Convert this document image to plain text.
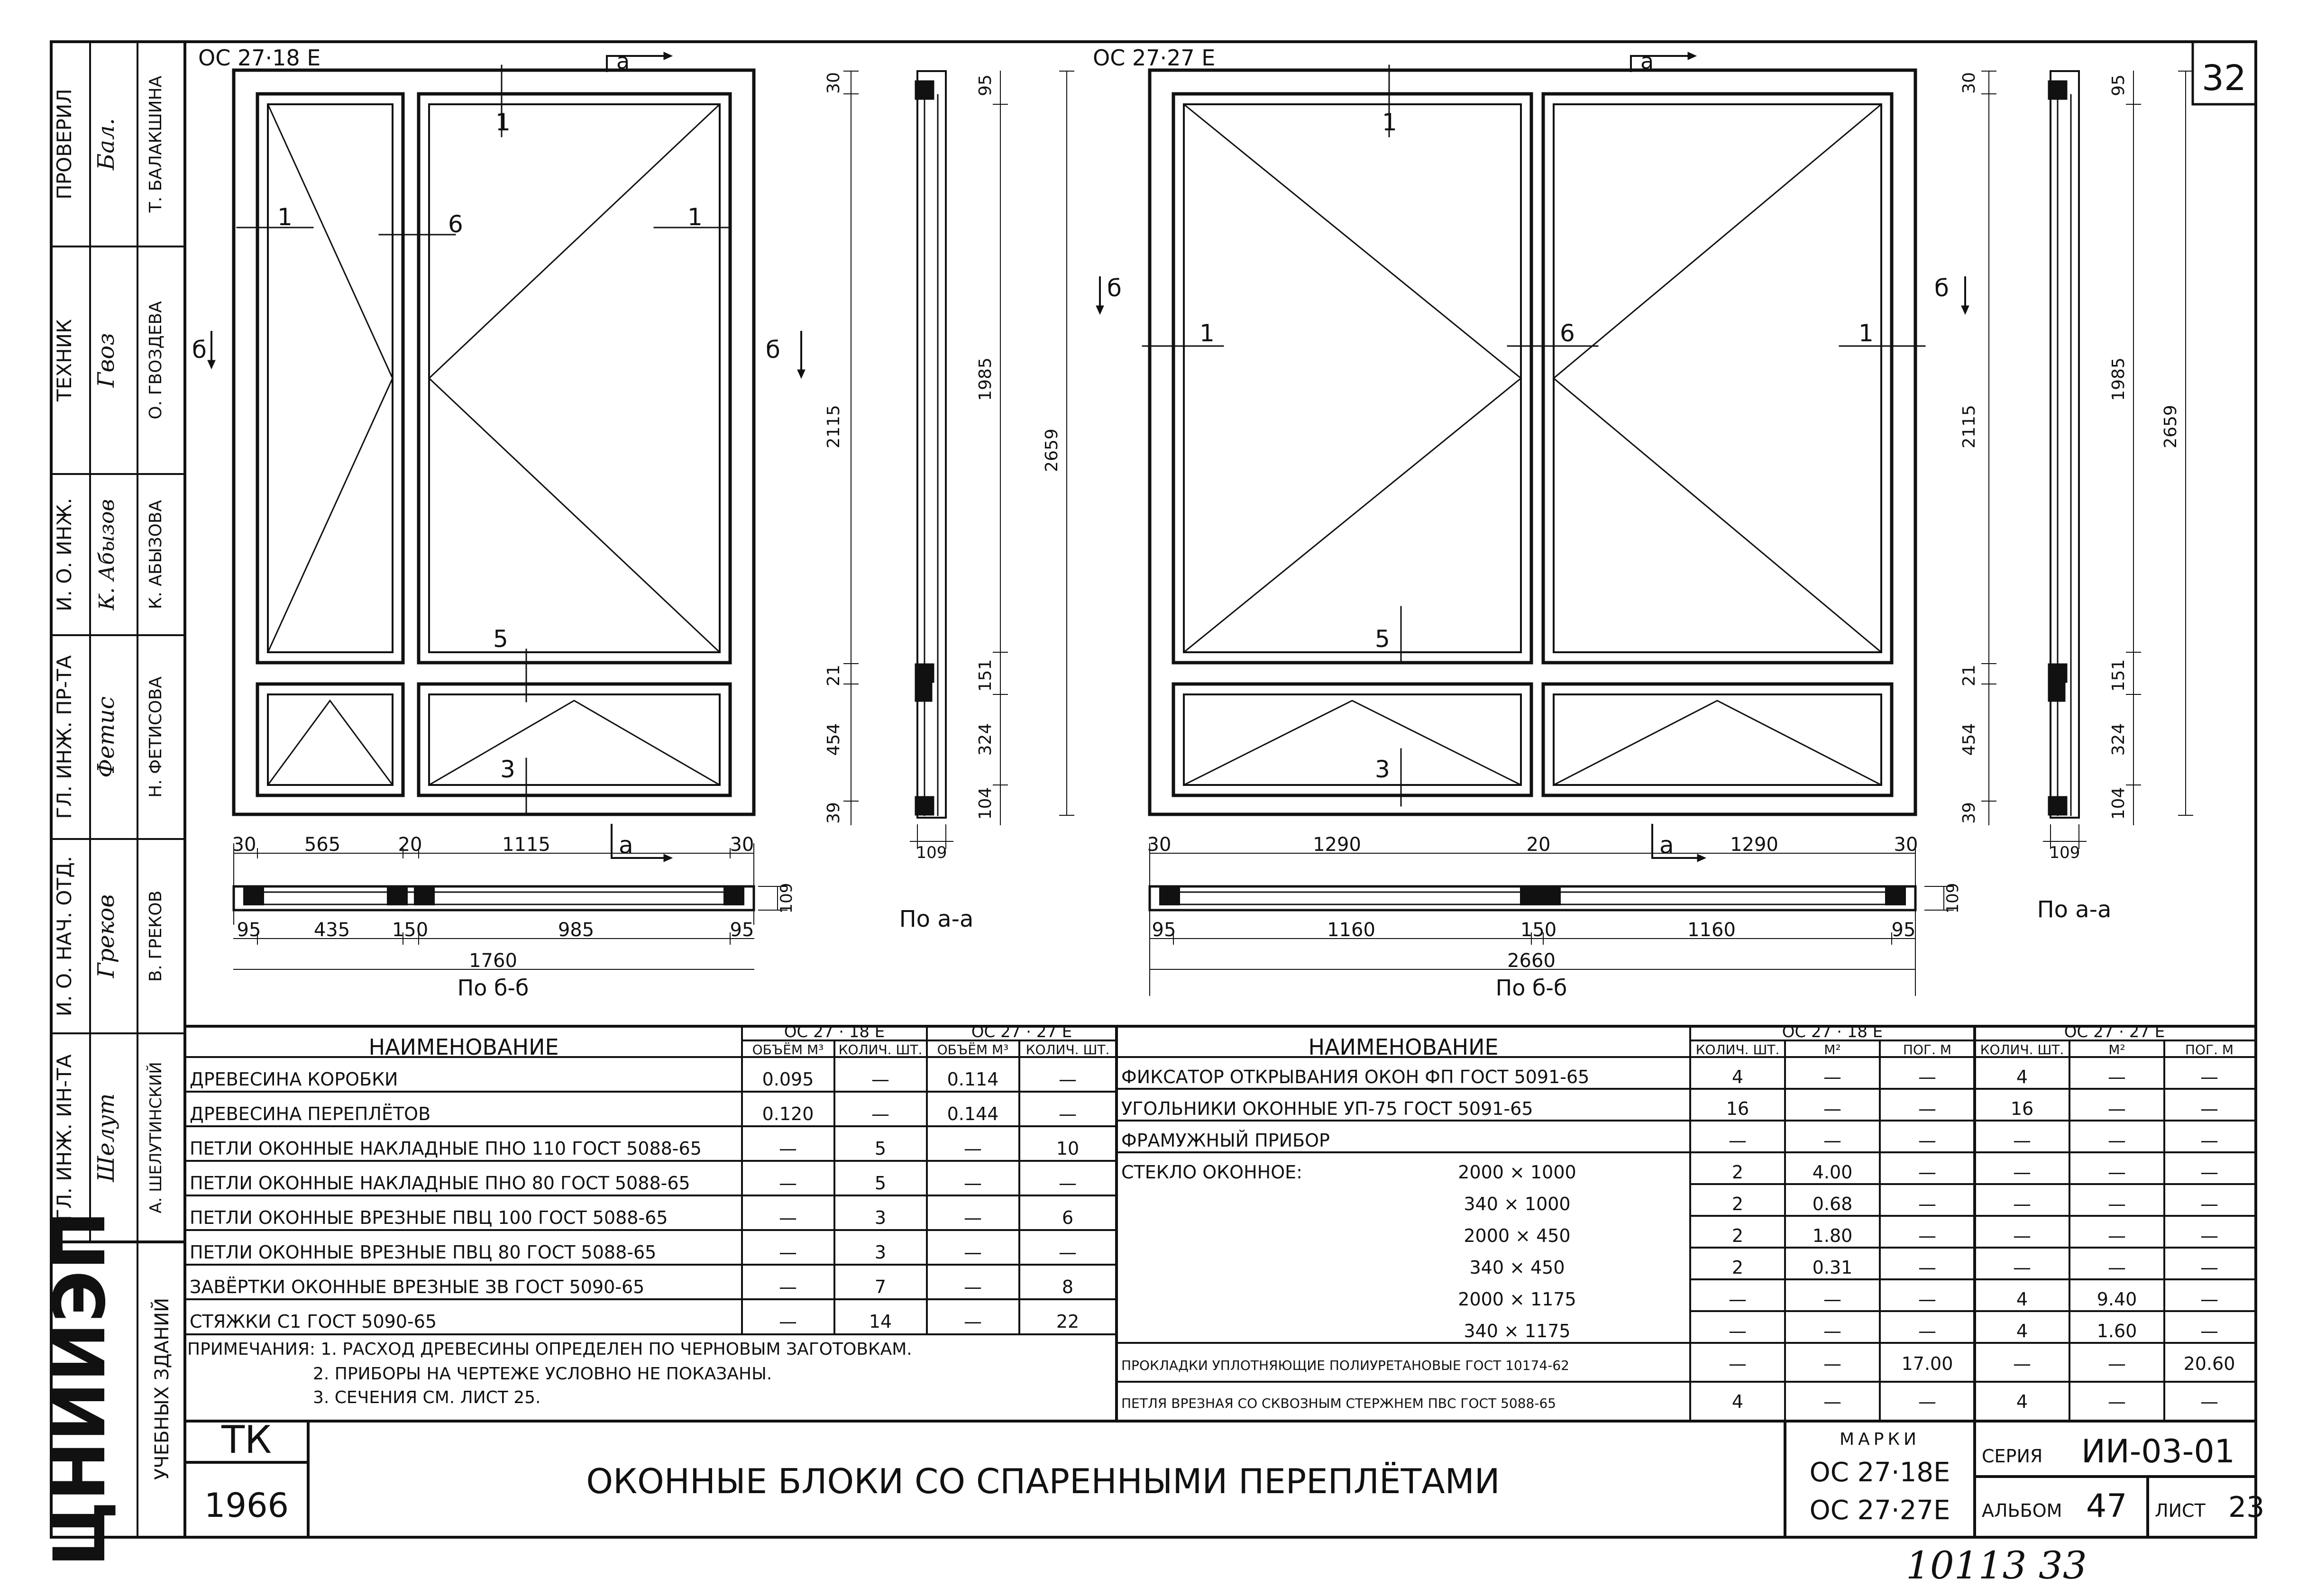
32
ОС 27·18 Е	а
б	б
а
1
1	6	1
5
3
30	565	20	1115	30
95	435 150	985	95
1760
По б-б
109
30
2115
21
454
39
95
1985
151
324
104
2659
109
По а-а
ОС 27·27 Е	а
б	б
а
1
1	6	1
5
3
30	1290	20	1290	30
95	1160	150	1160	95
2660
По б-б
109
30
2115
21
454
39
95
1985
151
324
104
2659
109
По а-а
ПРОВЕРИЛ Бал. Т. БАЛАКШИНА
ТЕХНИК Гвоз О. ГВОЗДЕВА
И. О. ИНЖ. К. Абызов К. АБЫЗОВА
ГЛ. ИНЖ. ПР-ТА Фетис Н. ФЕТИСОВА
И. О. НАЧ. ОТД. Греков В. ГРЕКОВ
ГЛ. ИНЖ. ИН-ТА Шелут А. ШЕЛУТИНСКИЙ
ЦНИИЭП УЧЕБНЫХ ЗДАНИЙ
НАИМЕНОВАНИЕ
ОС 27 · 18 Е	ОС 27 · 27 Е
ОБЪЁМ М³ КОЛИЧ. ШТ. ОБЪЁМ М³ КОЛИЧ. ШТ.
ДРЕВЕСИНА КОРОБКИ	0.095	—	0.114	—
ДРЕВЕСИНА ПЕРЕПЛЁТОВ	0.120	—	0.144	—
ПЕТЛИ ОКОННЫЕ НАКЛАДНЫЕ ПНО 110 ГОСТ 5088-65	—	5	—	10
ПЕТЛИ ОКОННЫЕ НАКЛАДНЫЕ ПНО 80 ГОСТ 5088-65	—	5	—	—
ПЕТЛИ ОКОННЫЕ ВРЕЗНЫЕ ПВЦ 100 ГОСТ 5088-65	—	3	—	6
ПЕТЛИ ОКОННЫЕ ВРЕЗНЫЕ ПВЦ 80 ГОСТ 5088-65	—	3	—	—
ЗАВЁРТКИ ОКОННЫЕ ВРЕЗНЫЕ ЗВ ГОСТ 5090-65	—	7	—	8
СТЯЖКИ С1 ГОСТ 5090-65	—	14	—	22
ПРИМЕЧАНИЯ: 1. РАСХОД ДРЕВЕСИНЫ ОПРЕДЕЛЕН ПО ЧЕРНОВЫМ ЗАГОТОВКАМ.
2. ПРИБОРЫ НА ЧЕРТЕЖЕ УСЛОВНО НЕ ПОКАЗАНЫ.
3. СЕЧЕНИЯ СМ. ЛИСТ 25.
НАИМЕНОВАНИЕ
ОС 27 · 18 Е	ОС 27 · 27 Е
КОЛИЧ. ШТ.	М²	ПОГ. М КОЛИЧ. ШТ.	М²	ПОГ. М
ФИКСАТОР ОТКРЫВАНИЯ ОКОН ФП ГОСТ 5091-65	4	—	—	4	—	—
УГОЛЬНИКИ ОКОННЫЕ УП-75 ГОСТ 5091-65	16	—	—	16	—	—
ФРАМУЖНЫЙ ПРИБОР	—	—	—	—	—	—
СТЕКЛО ОКОННОЕ:	2000 × 1000	2	4.00	—	—	—	—
340 × 1000	2	0.68	—	—	—	—
2000 × 450	2	1.80	—	—	—	—
340 × 450	2	0.31	—	—	—	—
2000 × 1175	—	—	—	4	9.40	—
340 × 1175	—	—	—	4	1.60	—
ПРОКЛАДКИ УПЛОТНЯЮЩИЕ ПОЛИУРЕТАНОВЫЕ ГОСТ 10174-62	—	—	17.00	—	—	20.60
ПЕТЛЯ ВРЕЗНАЯ СО СКВОЗНЫМ СТЕРЖНЕМ ПВС ГОСТ 5088-65	4	—	—	4	—	—
ТК
1966
ОКОННЫЕ БЛОКИ СО СПАРЕННЫМИ ПЕРЕПЛЁТАМИ
МАРКИ
ОС 27·18Е
ОС 27·27Е
СЕРИЯ ИИ-03-01
АЛЬБОМ 47 ЛИСТ 23
10113 33
